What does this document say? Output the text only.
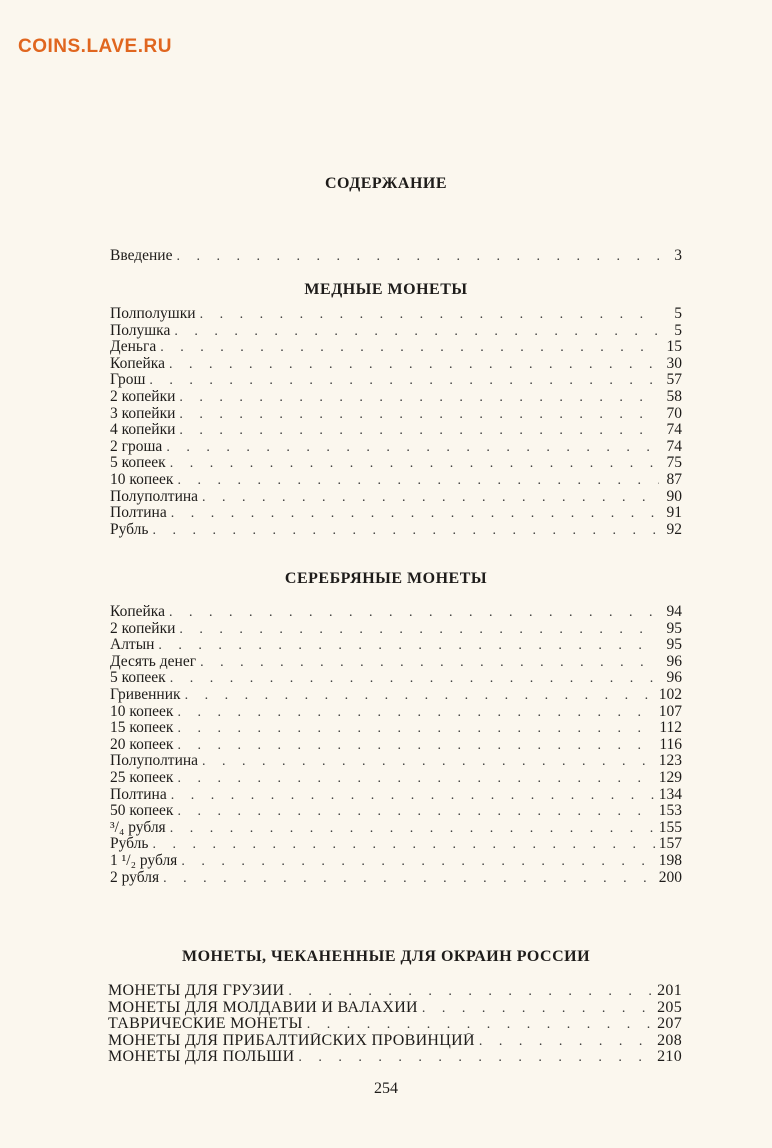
COINS.LAVE.RU
СОДЕРЖАНИЕ
Введение . . .	3
МЕДНЫЕ МОНЕТЫ
Полполушки . . .	5
Полушка . . .	5
Деньга . . .	15
Копейка . . .	30
Грош . . .	57
2 копейки . . .	58
3 копейки . . .	70
4 копейки . . .	74
2 гроша . . .	74
5 копеек . . .	75
10 копеек . . .	87
Полуполтина . . .	90
Полтина . . .	91
Рубль . . .	92
СЕРЕБРЯНЫЕ МОНЕТЫ
Копейка . . .	94
2 копейки . . .	95
Алтын . . .	95
Десять денег . . .	96
5 копеек . . .	96
Гривенник . . .	102
10 копеек . . .	107
15 копеек . . .	112
20 копеек . . .	116
Полуполтина . . .	123
25 копеек . . .	129
Полтина . . .	134
50 копеек . . .	153
³/₄ рубля . . .	155
Рубль . . .	157
1 ¹/₂ рубля . . .	198
2 рубля . . .	200
МОНЕТЫ, ЧЕКАНЕННЫЕ ДЛЯ ОКРАИН РОССИИ
МОНЕТЫ ДЛЯ ГРУЗИИ . . .	201
МОНЕТЫ ДЛЯ МОЛДАВИИ И ВАЛАХИИ . . .	205
ТАВРИЧЕСКИЕ МОНЕТЫ . . .	207
МОНЕТЫ ДЛЯ ПРИБАЛТИЙСКИХ ПРОВИНЦИЙ . . .	208
МОНЕТЫ ДЛЯ ПОЛЬШИ . . .	210
254
